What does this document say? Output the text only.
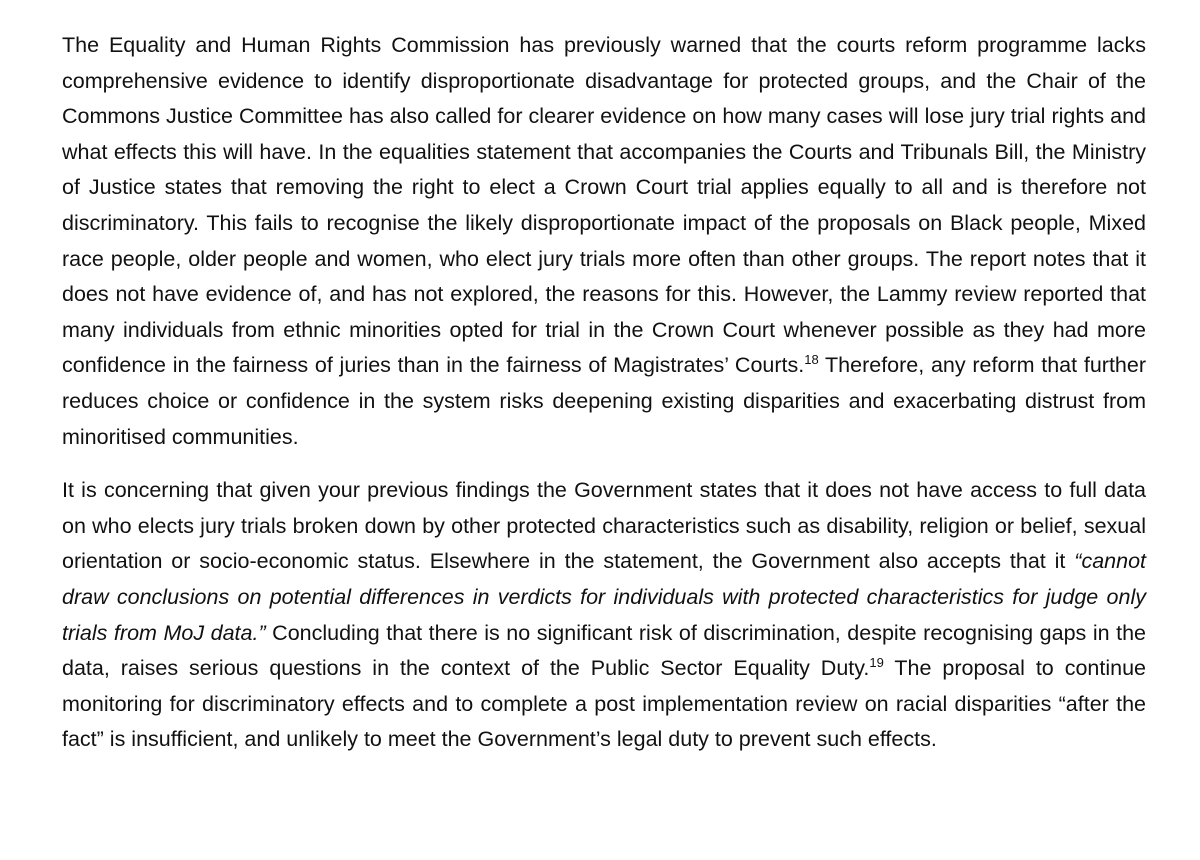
The Equality and Human Rights Commission has previously warned that the courts reform programme lacks comprehensive evidence to identify disproportionate disadvantage for protected groups, and the Chair of the Commons Justice Committee has also called for clearer evidence on how many cases will lose jury trial rights and what effects this will have. In the equalities statement that accompanies the Courts and Tribunals Bill, the Ministry of Justice states that removing the right to elect a Crown Court trial applies equally to all and is therefore not discriminatory. This fails to recognise the likely disproportionate impact of the proposals on Black people, Mixed race people, older people and women, who elect jury trials more often than other groups. The report notes that it does not have evidence of, and has not explored, the reasons for this. However, the Lammy review reported that many individuals from ethnic minorities opted for trial in the Crown Court whenever possible as they had more confidence in the fairness of juries than in the fairness of Magistrates’ Courts.$^{18}$ Therefore, any reform that further reduces choice or confidence in the system risks deepening existing disparities and exacerbating distrust from minoritised communities.

It is concerning that given your previous findings the Government states that it does not have access to full data on who elects jury trials broken down by other protected characteristics such as disability, religion or belief, sexual orientation or socio-economic status. Elsewhere in the statement, the Government also accepts that it “cannot draw conclusions on potential differences in verdicts for individuals with protected characteristics for judge only trials from MoJ data.” Concluding that there is no significant risk of discrimination, despite recognising gaps in the data, raises serious questions in the context of the Public Sector Equality Duty.$^{19}$ The proposal to continue monitoring for discriminatory effects and to complete a post implementation review on racial disparities “after the fact” is insufficient, and unlikely to meet the Government’s legal duty to prevent such effects.
